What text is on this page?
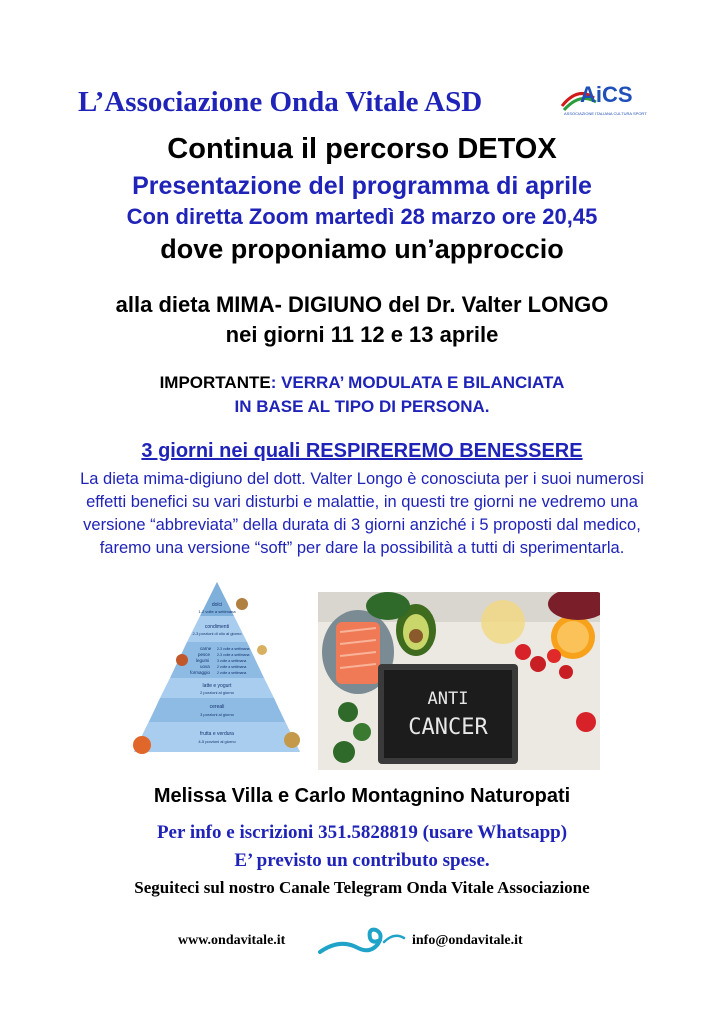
L’Associazione Onda Vitale ASD	AiCS
ASSOCIAZIONE ITALIANA CULTURA SPORT
Continua il percorso DETOX
Presentazione del programma di aprile
Con diretta Zoom martedì 28 marzo ore 20,45
dove proponiamo un’approccio
alla dieta MIMA- DIGIUNO del Dr. Valter LONGO
nei giorni 11 12 e 13 aprile
IMPORTANTE: VERRA’ MODULATA E BILANCIATA
IN BASE AL TIPO DI PERSONA.
3 giorni nei quali RESPIREREMO BENESSERE
La dieta mima-digiuno del dott. Valter Longo è conosciuta per i suoi numerosi effetti benefici su vari disturbi e malattie, in questi tre giorni ne vedremo una versione “abbreviata” della durata di 3 giorni anziché i 5 proposti dal medico, faremo una versione “soft” per dare la possibilità a tutti di sperimentarla.
dolci
1-2 volte a settimana
condimenti
2-3 porzioni di olio al giorno
carne 2-3 volte a settimana
pesce 2-3 volte a settimana
legumi 3 volte a settimana
uova 2 volte a settimana
formaggio 2 volte a settimana
latte e yogurt
2 porzioni al giorno
cereali
3 porzioni al giorno
frutta e verdura
4-5 porzioni al giorno
ANTI
CANCER
Melissa Villa e Carlo Montagnino Naturopati
Per info e iscrizioni 351.5828819 (usare Whatsapp)
E’ previsto un contributo spese.
Seguiteci sul nostro Canale Telegram Onda Vitale Associazione
www.ondavitale.it	info@ondavitale.it
